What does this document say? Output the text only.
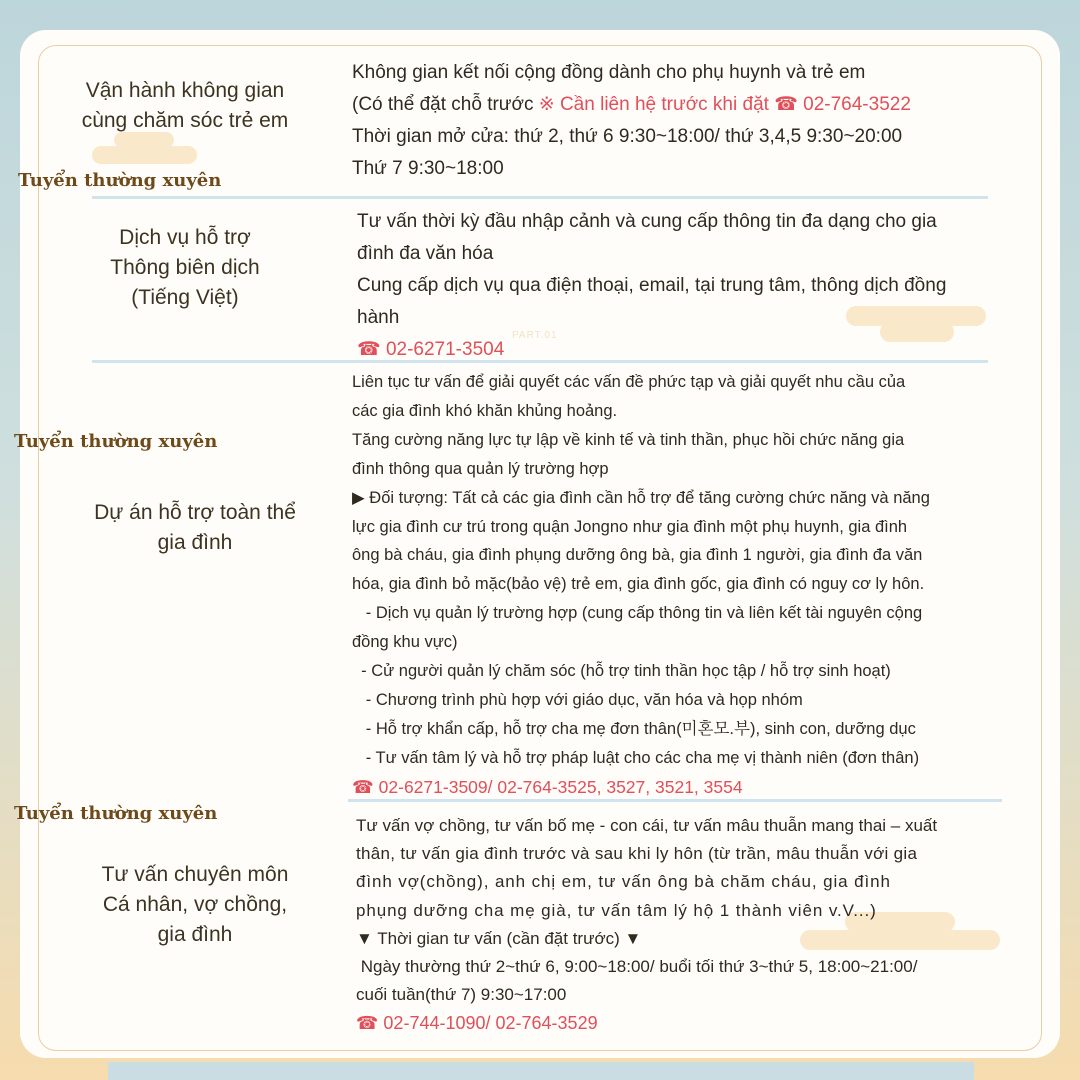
PART.01
Tuyển thường xuyên
Tuyển thường xuyên
Tuyển thường xuyên
Vận hành không gian
cùng chăm sóc trẻ em

Không gian kết nối cộng đồng dành cho phụ huynh và trẻ em

(Có thể đặt chỗ trước ※ Cần liên hệ trước khi đặt ☎ 02-764-3522

Thời gian mở cửa: thứ 2, thứ 6 9:30~18:00/ thứ 3,4,5 9:30~20:00

Thứ 7 9:30~18:00

Dịch vụ hỗ trợ
Thông biên dịch
(Tiếng Việt)

Tư vấn thời kỳ đầu nhập cảnh và cung cấp thông tin đa dạng cho gia

đình đa văn hóa

Cung cấp dịch vụ qua điện thoại, email, tại trung tâm, thông dịch đồng

hành

☎ 02-6271-3504

Dự án hỗ trợ toàn thể
gia đình

Liên tục tư vấn để giải quyết các vấn đề phức tạp và giải quyết nhu cầu của

các gia đình khó khăn khủng hoảng.

Tăng cường năng lực tự lập về kinh tế và tinh thần, phục hồi chức năng gia

đình thông qua quản lý trường hợp

▶ Đối tượng: Tất cả các gia đình cần hỗ trợ để tăng cường chức năng và năng

lực gia đình cư trú trong quận Jongno như gia đình một phụ huynh, gia đình

ông bà cháu, gia đình phụng dưỡng ông bà, gia đình 1 người, gia đình đa văn

hóa, gia đình bỏ mặc(bảo vệ) trẻ em, gia đình gốc, gia đình có nguy cơ ly hôn.

- Dịch vụ quản lý trường hợp (cung cấp thông tin và liên kết tài nguyên cộng

đồng khu vực)

- Cử người quản lý chăm sóc (hỗ trợ tinh thần học tập / hỗ trợ sinh hoạt)

- Chương trình phù hợp với giáo dục, văn hóa và họp nhóm

- Hỗ trợ khẩn cấp, hỗ trợ cha mẹ đơn thân(미혼모.부), sinh con, dưỡng dục

- Tư vấn tâm lý và hỗ trợ pháp luật cho các cha mẹ vị thành niên (đơn thân)

☎ 02-6271-3509/ 02-764-3525, 3527, 3521, 3554

Tư vấn chuyên môn
Cá nhân, vợ chồng,
gia đình

Tư vấn vợ chồng, tư vấn bố mẹ - con cái, tư vấn mâu thuẫn mang thai – xuất

thân, tư vấn gia đình trước và sau khi ly hôn (từ trần, mâu thuẫn với gia

đình vợ(chồng), anh chị em, tư vấn ông bà chăm cháu, gia đình

phụng dưỡng cha mẹ già, tư vấn tâm lý hộ 1 thành viên v.V...)

▼ Thời gian tư vấn (cần đặt trước) ▼

Ngày thường thứ 2~thứ 6, 9:00~18:00/ buổi tối thứ 3~thứ 5, 18:00~21:00/

cuối tuần(thứ 7) 9:30~17:00

☎ 02-744-1090/ 02-764-3529
